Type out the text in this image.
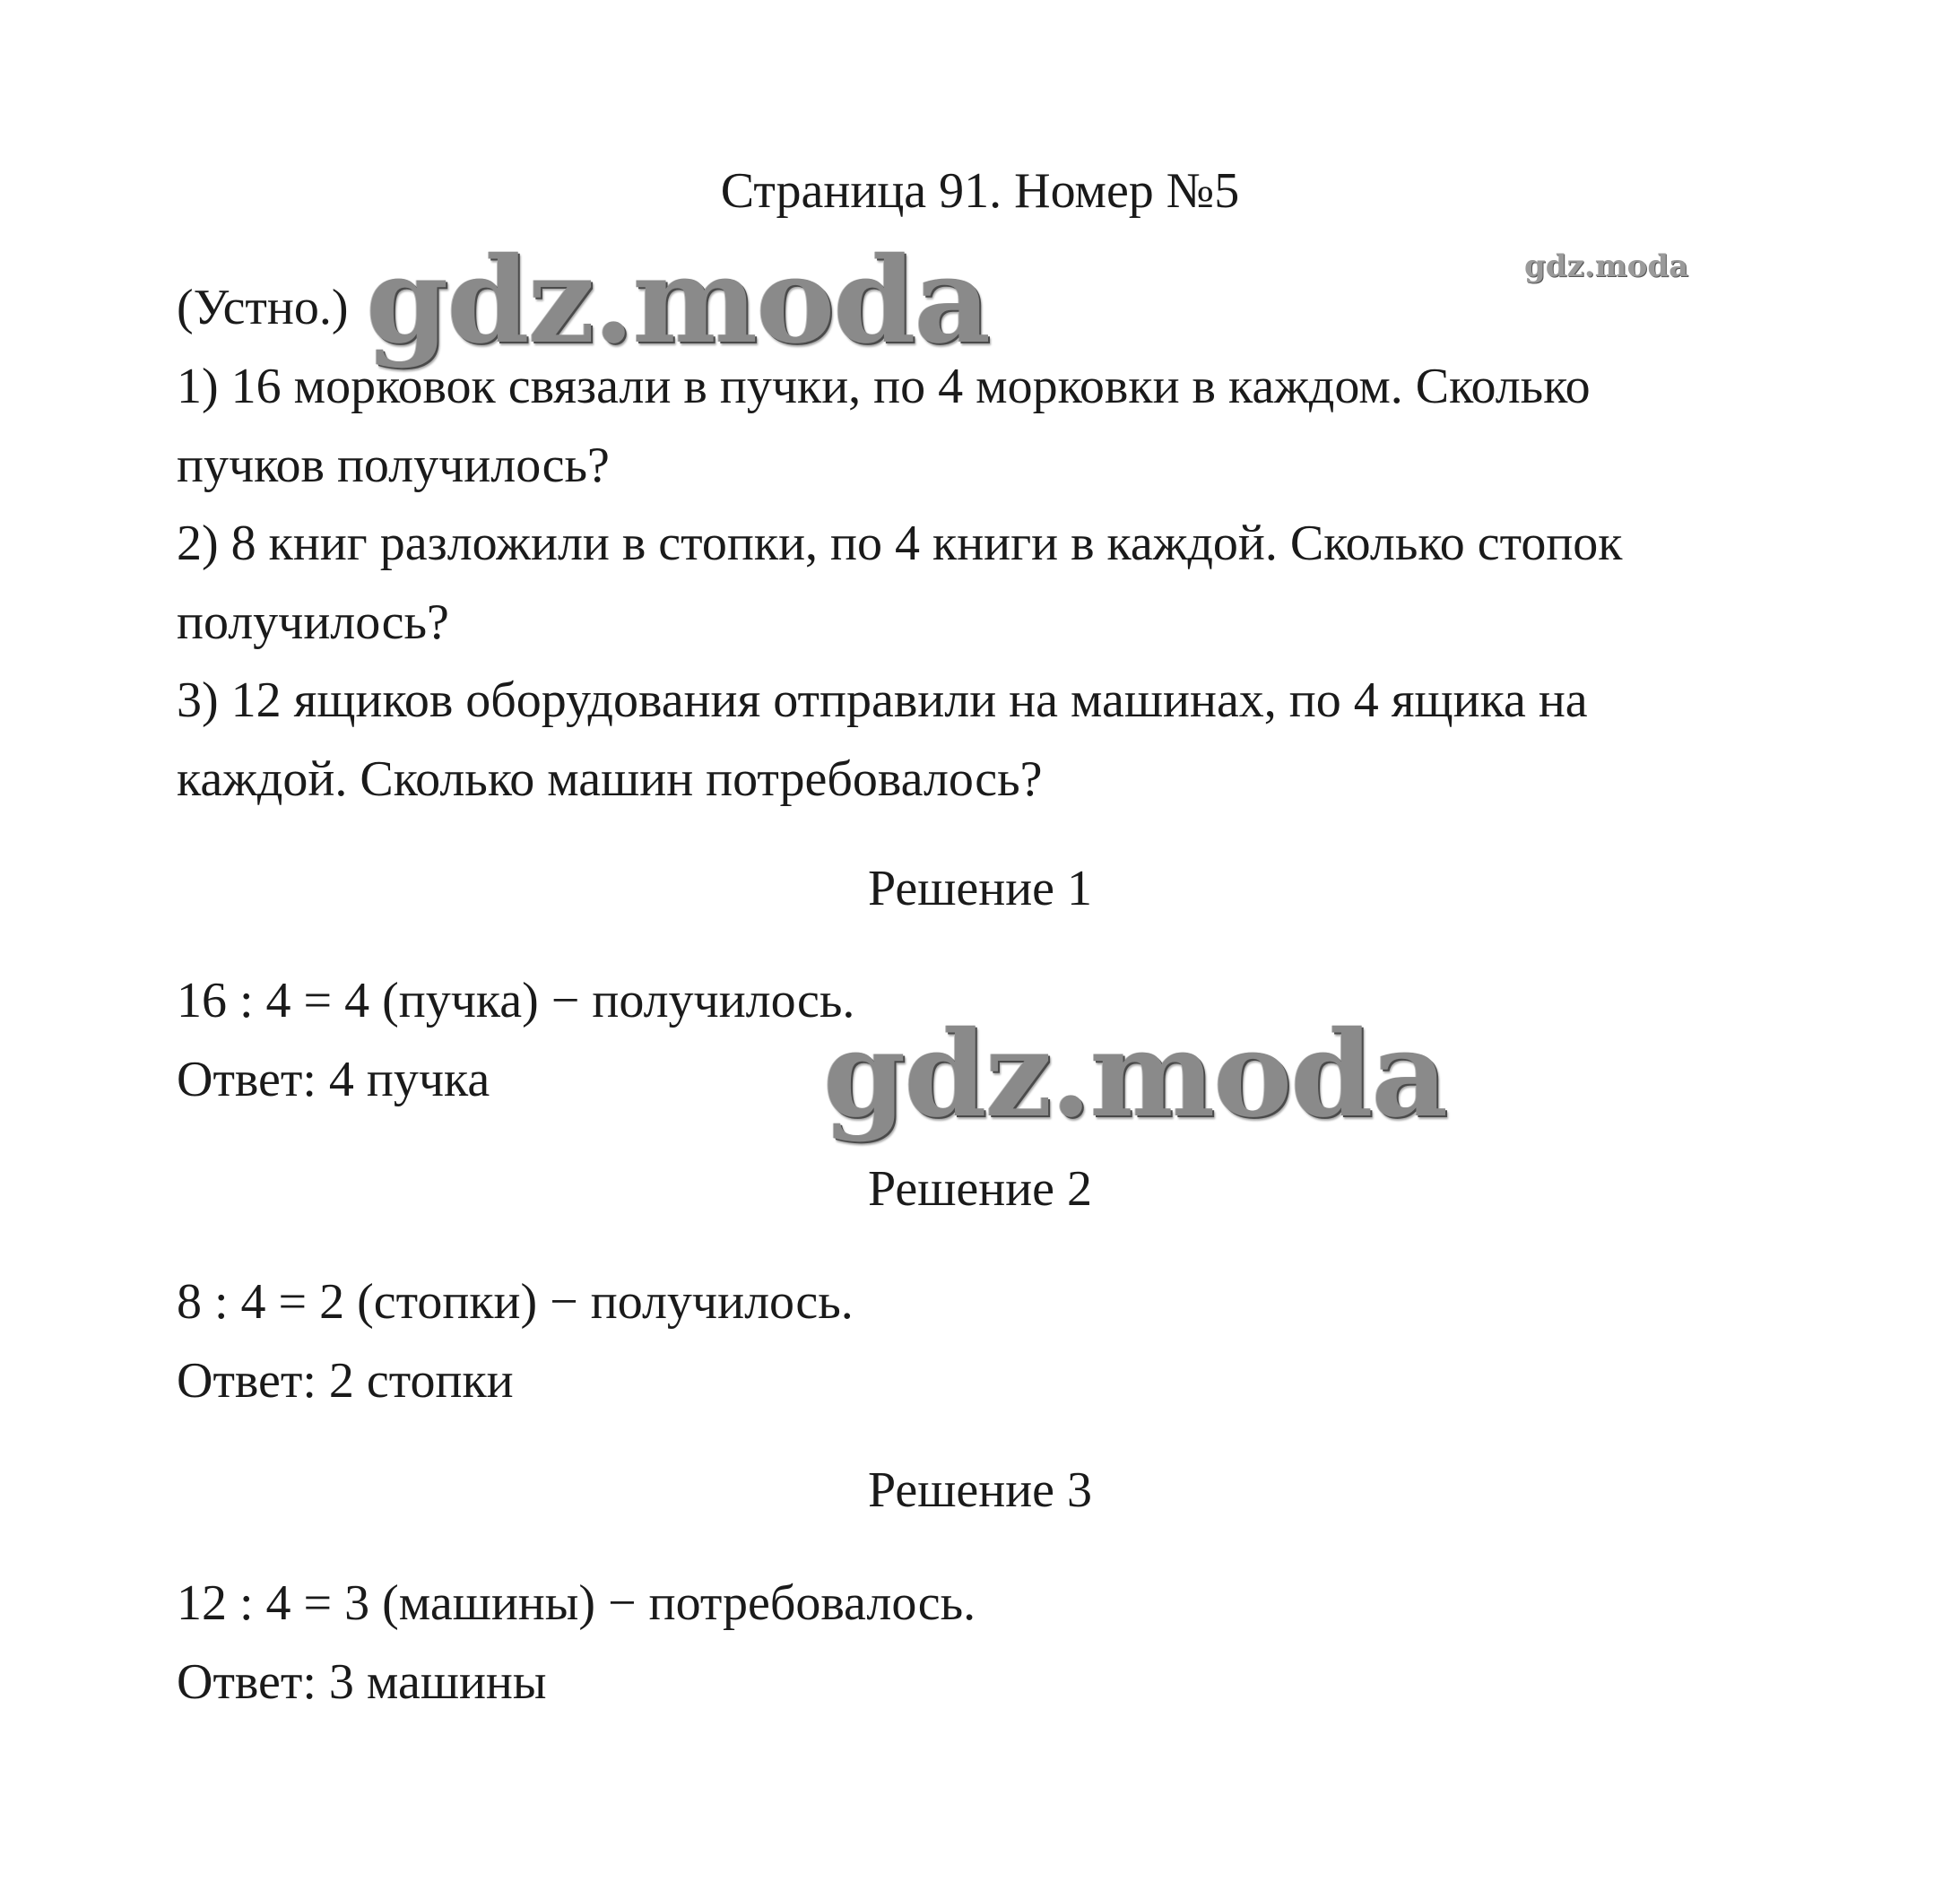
Страница 91. Номер №5
gdz.moda
(Устно.) gdz.moda
1) 16 морковок связали в пучки, по 4 морковки в каждом. Сколько
пучков получилось?
2) 8 книг разложили в стопки, по 4 книги в каждой. Сколько стопок
получилось?
3) 12 ящиков оборудования отправили на машинах, по 4 ящика на
каждой. Сколько машин потребовалось?
Решение 1
16 : 4 = 4 (пучка) − получилось.
Ответ: 4 пучка	gdz.moda
Решение 2
8 : 4 = 2 (стопки) − получилось.
Ответ: 2 стопки
Решение 3
12 : 4 = 3 (машины) − потребовалось.
Ответ: 3 машины
